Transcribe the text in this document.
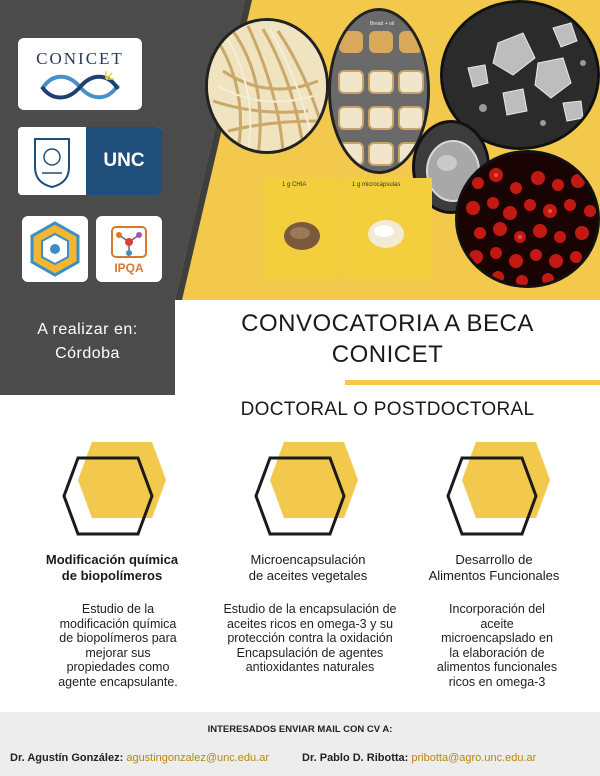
Bread + oil
1 g CHIA	1 g microcápsulas
CONICET
UNC
IPQA
A realizar en:
Córdoba
CONVOCATORIA A BECA
CONICET
DOCTORAL O POSTDOCTORAL
Modificación química
de biopolímeros
Microencapsulación
de aceites vegetales
Desarrollo de
Alimentos Funcionales
Estudio de la
modificación química
de biopolímeros para
mejorar sus
propiedades como
agente encapsulante.
Estudio de la encapsulación de
aceites ricos en omega-3 y su
protección contra la oxidación
Encapsulación de agentes
antioxidantes naturales
Incorporación del
aceite
microencapslado en
la elaboración de
alimentos funcionales
ricos en omega-3
INTERESADOS ENVIAR MAIL CON CV A:
Dr. Agustín González: agustingonzalez@unc.edu.ar	Dr. Pablo D. Ribotta: pribotta@agro.unc.edu.ar
